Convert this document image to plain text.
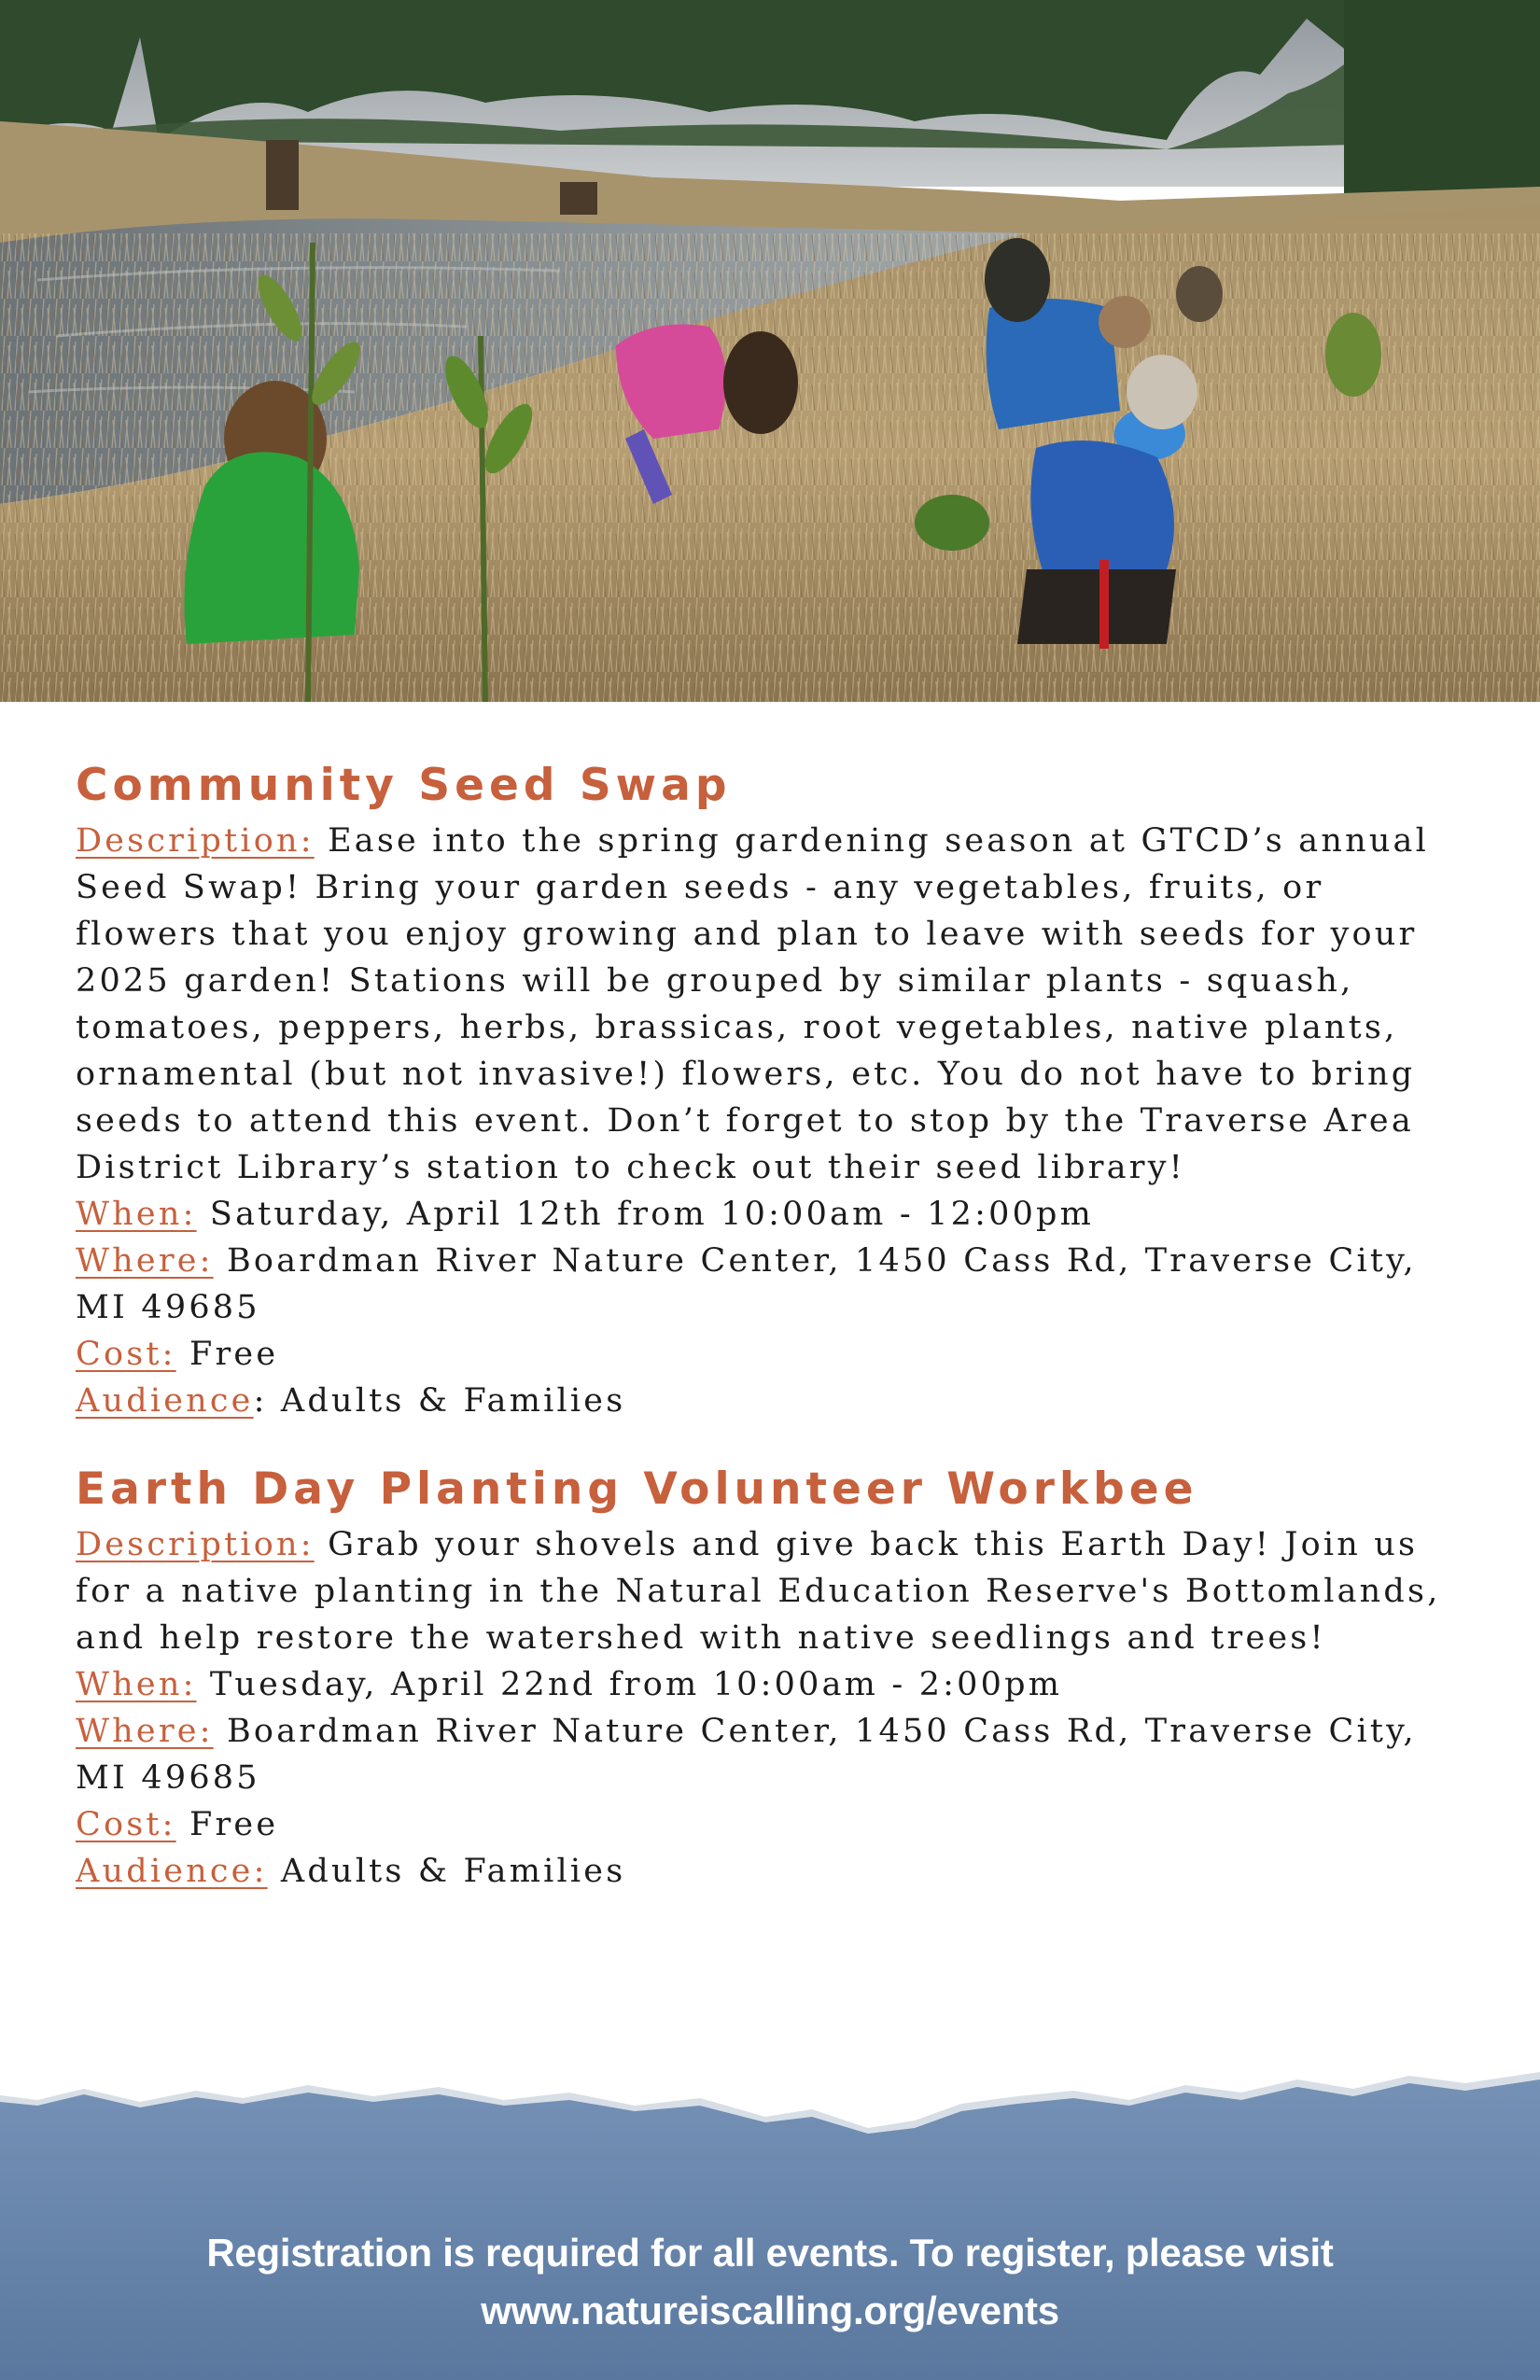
Community Seed Swap

Description: Ease into the spring gardening season at GTCD’s annual Seed Swap! Bring your garden seeds - any vegetables, fruits, or flowers that you enjoy growing and plan to leave with seeds for your 2025 garden! Stations will be grouped by similar plants - squash, tomatoes, peppers, herbs, brassicas, root vegetables, native plants, ornamental (but not invasive!) flowers, etc. You do not have to bring seeds to attend this event. Don’t forget to stop by the Traverse Area District Library’s station to check out their seed library!

When: Saturday, April 12th from 10:00am - 12:00pm

Where: Boardman River Nature Center, 1450 Cass Rd, Traverse City, MI 49685

Cost: Free

Audience: Adults & Families

Earth Day Planting Volunteer Workbee

Description: Grab your shovels and give back this Earth Day! Join us for a native planting in the Natural Education Reserve's Bottomlands, and help restore the watershed with native seedlings and trees!

When: Tuesday, April 22nd from 10:00am - 2:00pm

Where: Boardman River Nature Center, 1450 Cass Rd, Traverse City, MI 49685

Cost: Free

Audience: Adults & Families

Registration is required for all events. To register, please visit
www.natureiscalling.org/events
